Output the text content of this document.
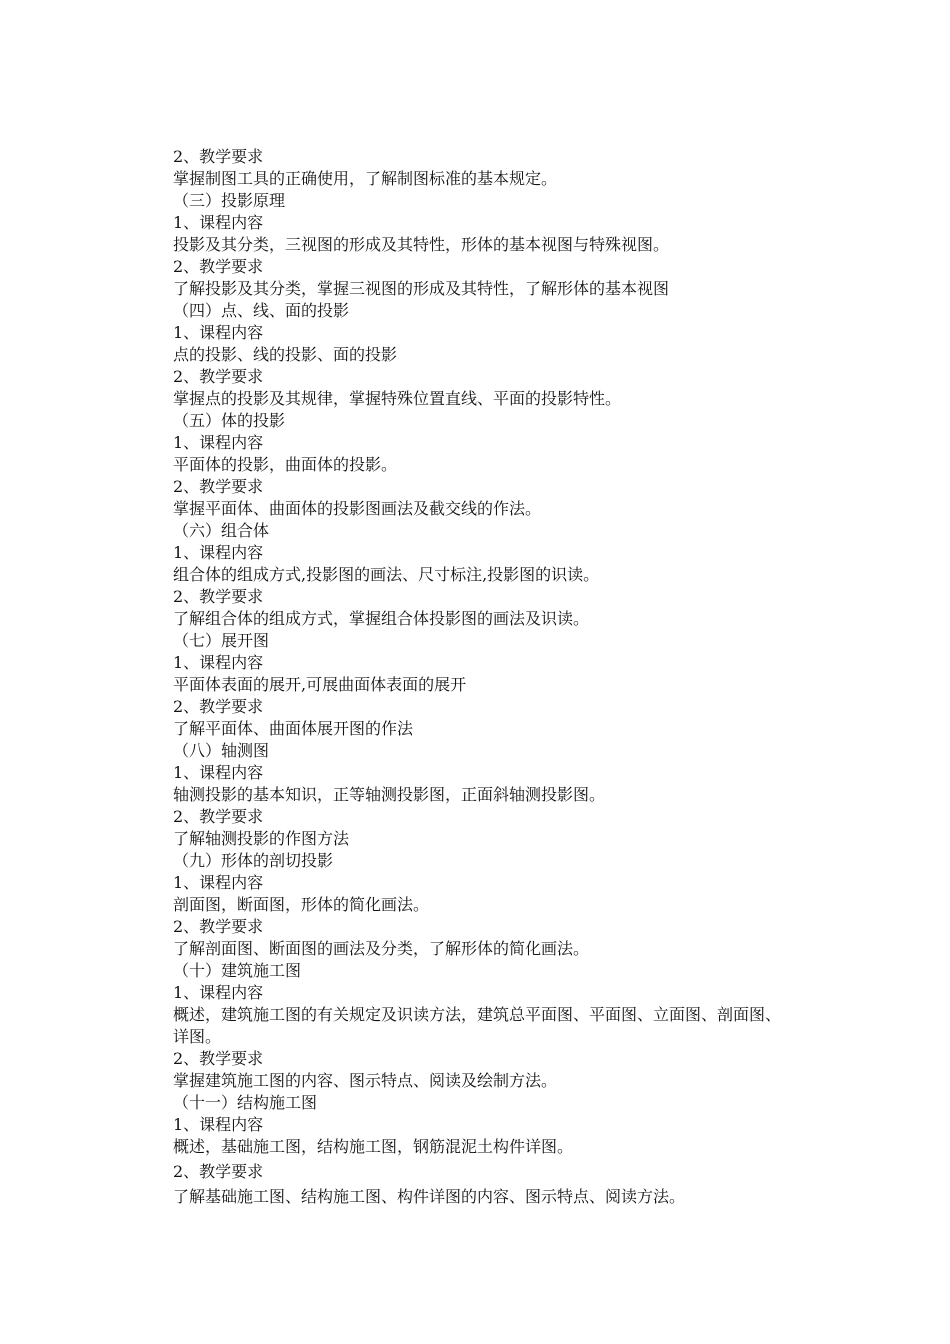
2、教学要求
掌握制图工具的正确使用，了解制图标准的基本规定。
（三）投影原理
1、课程内容
投影及其分类，三视图的形成及其特性，形体的基本视图与特殊视图。
2、教学要求
了解投影及其分类，掌握三视图的形成及其特性，了解形体的基本视图
（四）点、线、面的投影
1、课程内容
点的投影、线的投影、面的投影
2、教学要求
掌握点的投影及其规律，掌握特殊位置直线、平面的投影特性。
（五）体的投影
1、课程内容
平面体的投影，曲面体的投影。
2、教学要求
掌握平面体、曲面体的投影图画法及截交线的作法。
（六）组合体
1、课程内容
组合体的组成方式,投影图的画法、尺寸标注,投影图的识读。
2、教学要求
了解组合体的组成方式，掌握组合体投影图的画法及识读。
（七）展开图
1、课程内容
平面体表面的展开,可展曲面体表面的展开
2、教学要求
了解平面体、曲面体展开图的作法
（八）轴测图
1、课程内容
轴测投影的基本知识，正等轴测投影图，正面斜轴测投影图。
2、教学要求
了解轴测投影的作图方法
（九）形体的剖切投影
1、课程内容
剖面图，断面图，形体的简化画法。
2、教学要求
了解剖面图、断面图的画法及分类，了解形体的简化画法。
（十）建筑施工图
1、课程内容
概述，建筑施工图的有关规定及识读方法，建筑总平面图、平面图、立面图、剖面图、详图。
2、教学要求
掌握建筑施工图的内容、图示特点、阅读及绘制方法。
（十一）结构施工图
1、课程内容
概述，基础施工图，结构施工图，钢筋混泥土构件详图。
2、教学要求
了解基础施工图、结构施工图、构件详图的内容、图示特点、阅读方法。
